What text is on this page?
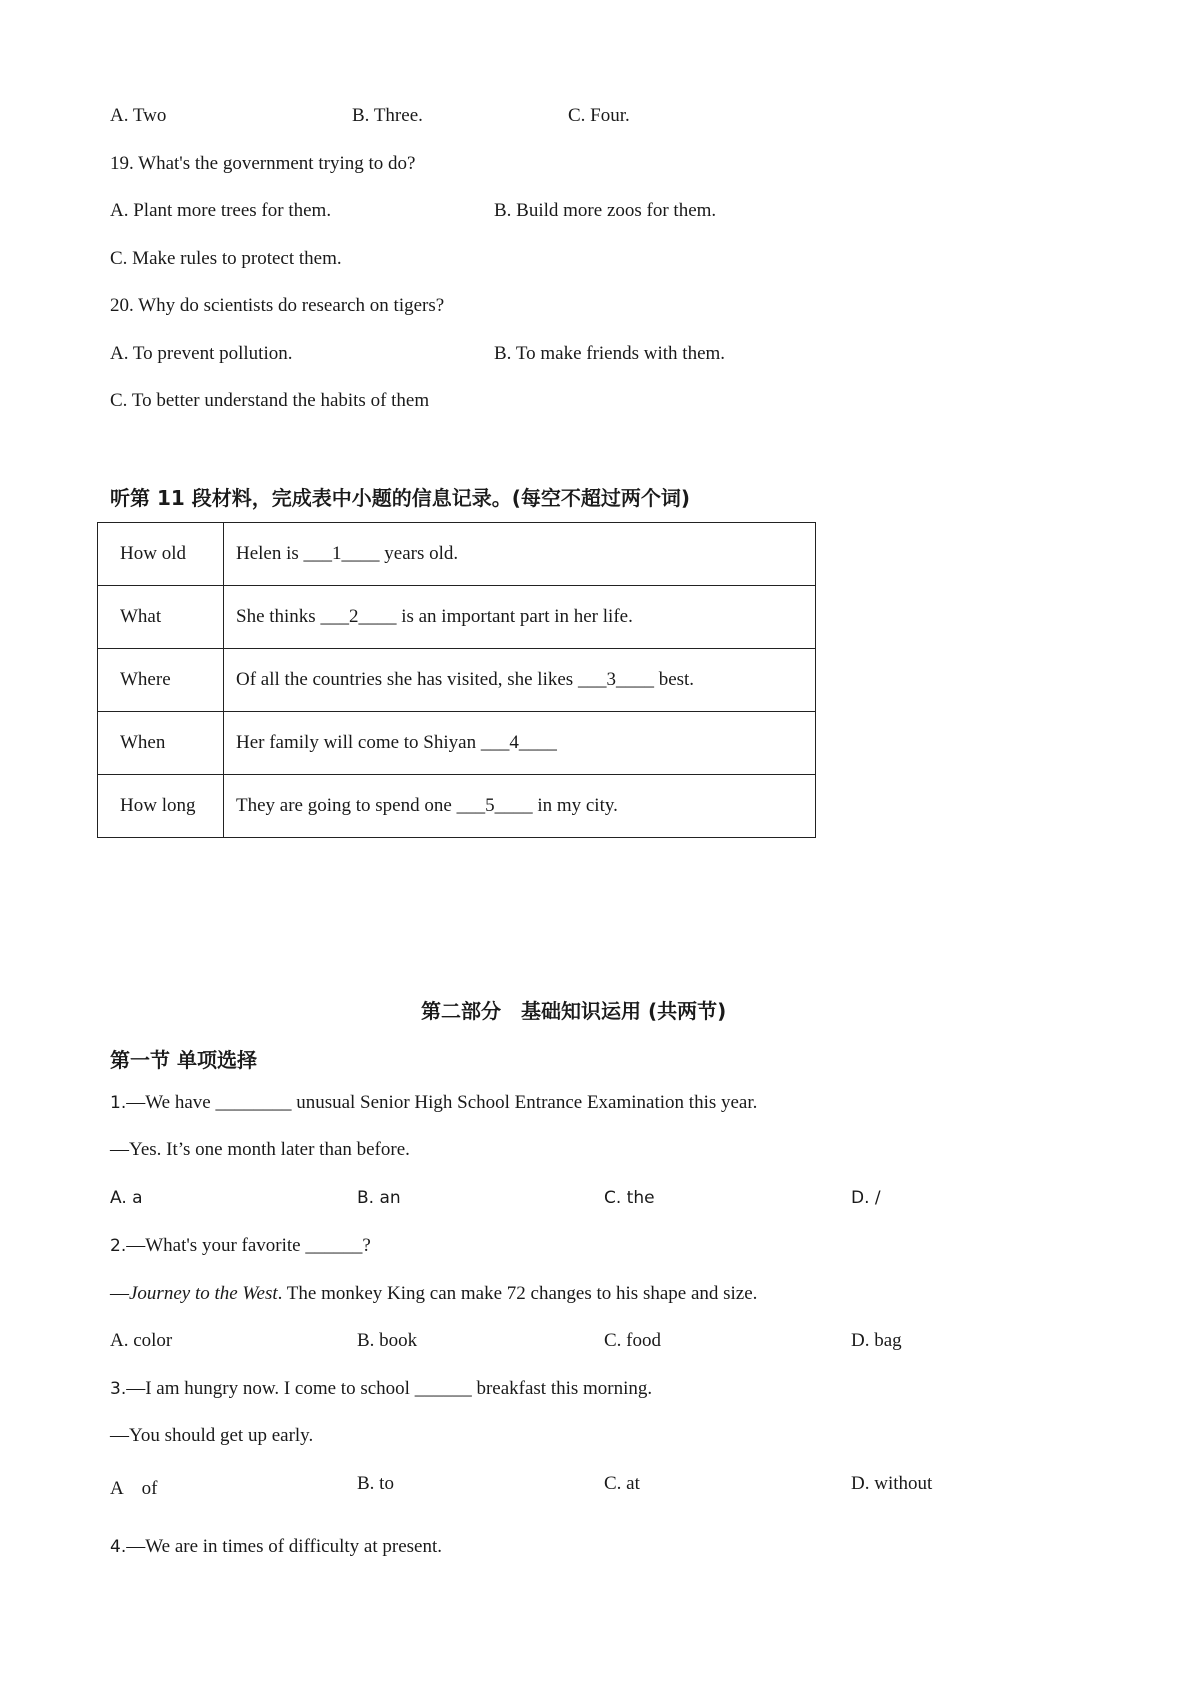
A. Two	B. Three.	C. Four.
19. What's the government trying to do?
A. Plant more trees for them.	B. Build more zoos for them.
C. Make rules to protect them.
20. Why do scientists do research on tigers?
A. To prevent pollution.	B. To make friends with them.
C. To better understand the habits of them
听第 11 段材料，完成表中小题的信息记录。(每空不超过两个词)
How old	Helen is ___1____ years old.
What	She thinks ___2____ is an important part in her life.
Where	Of all the countries she has visited, she likes ___3____ best.
When	Her family will come to Shiyan ___4____
How long	They are going to spend one ___5____ in my city.
第二部分　基础知识运用 (共两节)
第一节 单项选择
1.—We have ________ unusual Senior High School Entrance Examination this year.
—Yes. It’s one month later than before.
A. a	B. an	C. the	D. /
2.—What's your favorite ______?
—Journey to the West. The monkey King can make 72 changes to his shape and size.
A. color	B. book	C. food	D. bag
3.—I am hungry now. I come to school ______ breakfast this morning.
—You should get up early.
A　of	B. to	C. at	D. without
4.—We are in times of difficulty at present.
